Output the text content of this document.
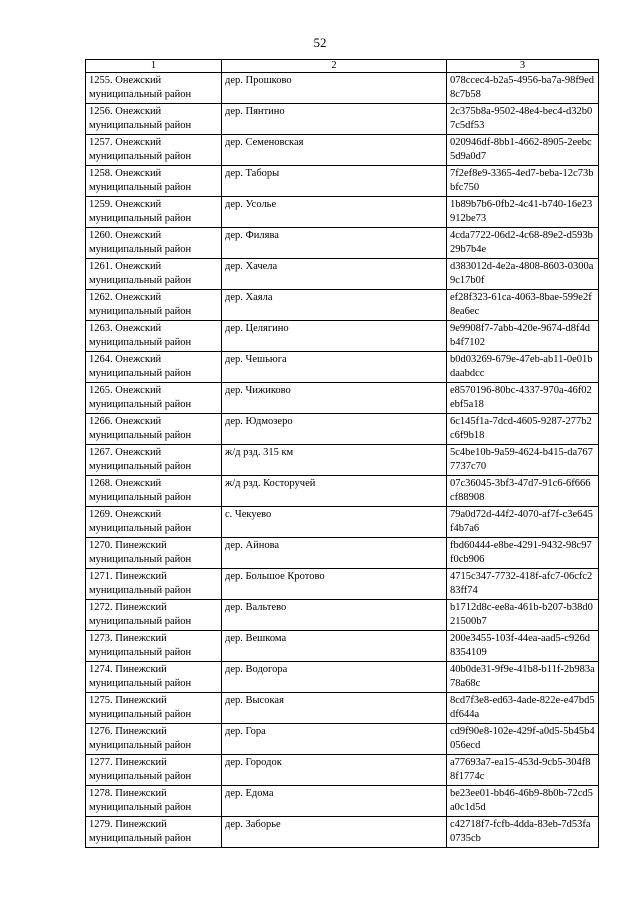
52
1	2	3

1255. Онежский
муниципальный район	дер. Прошково	078ccec4-b2a5-4956-ba7a-98f9ed8c7b58

1256. Онежский
муниципальный район	дер. Пянтино	2c375b8a-9502-48e4-bec4-d32b07c5df53

1257. Онежский
муниципальный район	дер. Семеновская	020946df-8bb1-4662-8905-2eebc5d9a0d7

1258. Онежский
муниципальный район	дер. Таборы	7f2ef8e9-3365-4ed7-beba-12c73bbfc750

1259. Онежский
муниципальный район	дер. Усолье	1b89b7b6-0fb2-4c41-b740-16e23912be73

1260. Онежский
муниципальный район	дер. Филява	4cda7722-06d2-4c68-89e2-d593b29b7b4e

1261. Онежский
муниципальный район	дер. Хачела	d383012d-4e2a-4808-8603-0300a9c17b0f

1262. Онежский
муниципальный район	дер. Хаяла	ef28f323-61ca-4063-8bae-599e2f8ea6ec

1263. Онежский
муниципальный район	дер. Целягино	9e9908f7-7abb-420e-9674-d8f4db4f7102

1264. Онежский
муниципальный район	дер. Чешьюга	b0d03269-679e-47eb-ab11-0e01bdaabdcc

1265. Онежский
муниципальный район	дер. Чижиково	e8570196-80bc-4337-970a-46f02ebf5a18

1266. Онежский
муниципальный район	дер. Юдмозеро	6c145f1a-7dcd-4605-9287-277b2c6f9b18

1267. Онежский
муниципальный район	ж/д рзд. 315 км	5c4be10b-9a59-4624-b415-da7677737c70

1268. Онежский
муниципальный район	ж/д рзд. Косторучей	07c36045-3bf3-47d7-91c6-6f666cf88908

1269. Онежский
муниципальный район	с. Чекуево	79a0d72d-44f2-4070-af7f-c3e645f4b7a6

1270. Пинежский
муниципальный район	дер. Айнова	fbd60444-e8be-4291-9432-98c97f0cb906

1271. Пинежский
муниципальный район	дер. Большое Кротово	4715c347-7732-418f-afc7-06cfc283ff74

1272. Пинежский
муниципальный район	дер. Вальтево	b1712d8c-ee8a-461b-b207-b38d021500b7

1273. Пинежский
муниципальный район	дер. Вешкома	200e3455-103f-44ea-aad5-c926d8354109

1274. Пинежский
муниципальный район	дер. Водогора	40b0de31-9f9e-41b8-b11f-2b983a78a68c

1275. Пинежский
муниципальный район	дер. Высокая	8cd7f3e8-ed63-4ade-822e-e47bd5df644a

1276. Пинежский
муниципальный район	дер. Гора	cd9f90e8-102e-429f-a0d5-5b45b4056ecd

1277. Пинежский
муниципальный район	дер. Городок	a77693a7-ea15-453d-9cb5-304f88f1774c

1278. Пинежский
муниципальный район	дер. Едома	be23ee01-bb46-46b9-8b0b-72cd5a0c1d5d

1279. Пинежский
муниципальный район	дер. Заборье	c42718f7-fcfb-4dda-83eb-7d53fa0735cb
